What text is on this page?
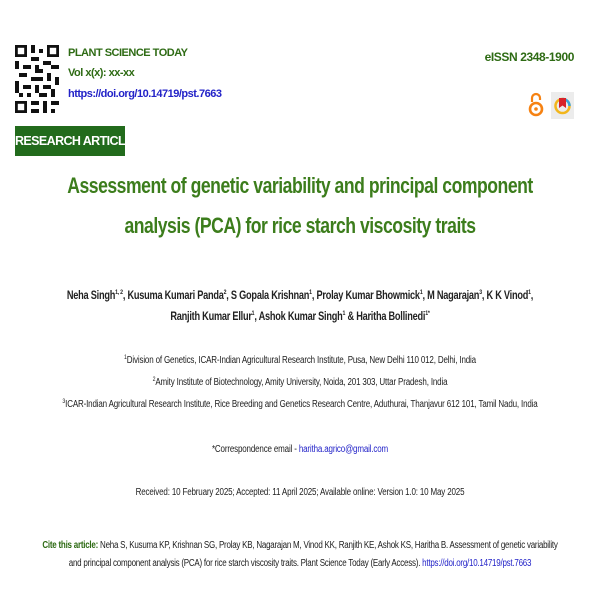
PLANT SCIENCE TODAY
Vol x(x): xx-xx
https://doi.org/10.14719/pst.7663
eISSN 2348-1900
RESEARCH ARTICLE
Assessment of genetic variability and principal component
analysis (PCA) for rice starch viscosity traits
Neha Singh$^{1, 2}$, Kusuma Kumari Panda$^2$, S Gopala Krishnan$^1$, Prolay Kumar Bhowmick$^1$, M Nagarajan$^3$, K K Vinod$^1$,
Ranjith Kumar Ellur$^1$, Ashok Kumar Singh$^1$ & Haritha Bollinedi$^{1*}$
$^1$Division of Genetics, ICAR-Indian Agricultural Research Institute, Pusa, New Delhi 110 012, Delhi, India
$^2$Amity Institute of Biotechnology, Amity University, Noida, 201 303, Uttar Pradesh, India
$^3$ICAR-Indian Agricultural Research Institute, Rice Breeding and Genetics Research Centre, Aduthurai, Thanjavur 612 101, Tamil Nadu, India
*Correspondence email - haritha.agrico@gmail.com
Received: 10 February 2025; Accepted: 11 April 2025; Available online: Version 1.0: 10 May 2025
Cite this article: Neha S, Kusuma KP, Krishnan SG, Prolay KB, Nagarajan M, Vinod KK, Ranjith KE, Ashok KS, Haritha B. Assessment of genetic variability
and principal component analysis (PCA) for rice starch viscosity traits. Plant Science Today (Early Access). https://doi.org/10.14719/pst.7663
